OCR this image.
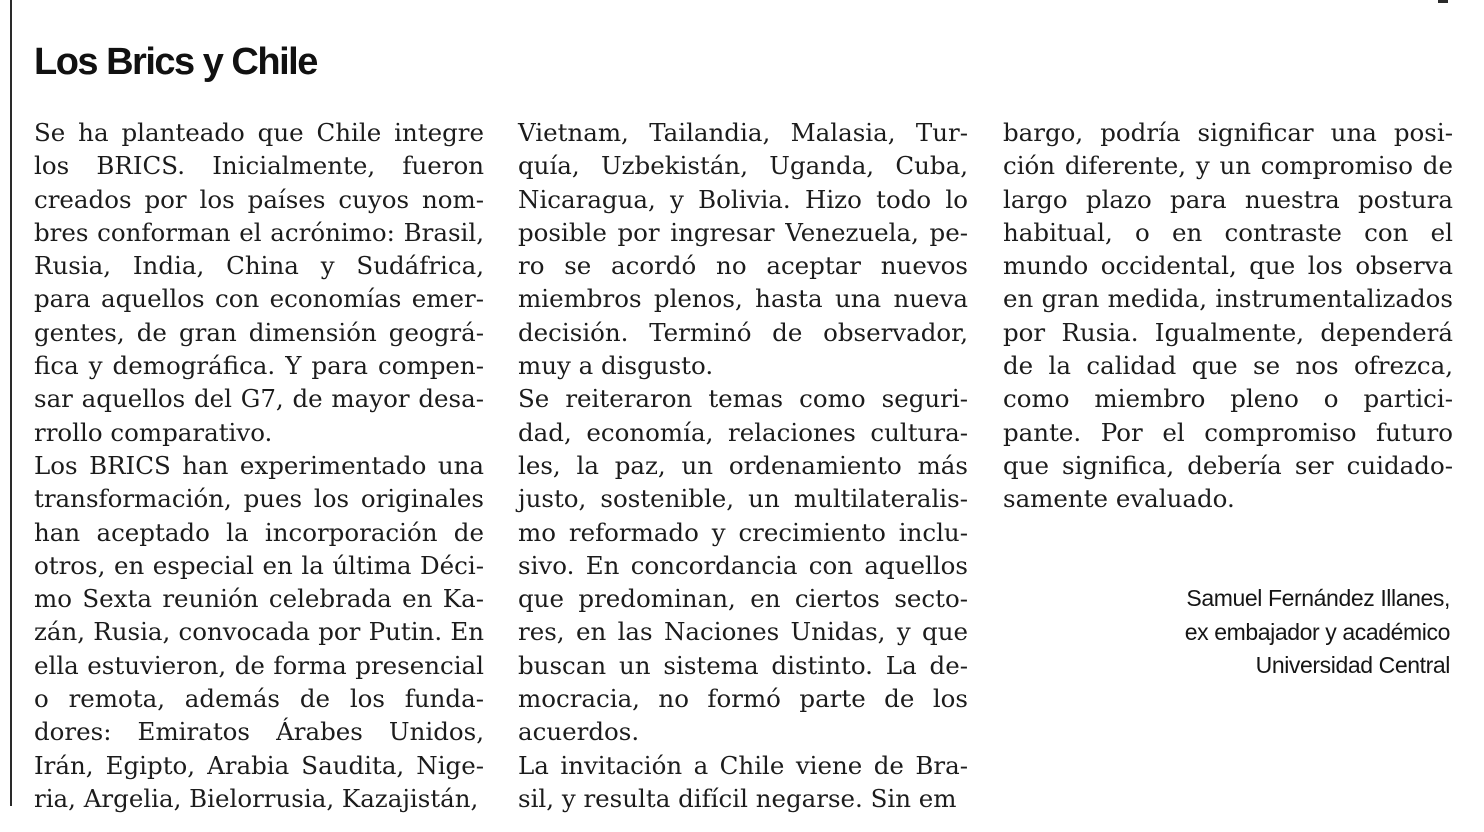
Los Brics y Chile

Se ha planteado que Chile integre los BRICS. Inicialmente, fueron creados por los países cuyos nombres conforman el acrónimo: Brasil, Rusia, India, China y Sudáfrica, para aquellos con economías emergentes, de gran dimensión geográfica y demográfica. Y para compensar aquellos del G7, de mayor desarrollo comparativo.

Los BRICS han experimentado una transformación, pues los originales han aceptado la incorporación de otros, en especial en la última Décimo Sexta reunión celebrada en Kazán, Rusia, convocada por Putin. En ella estuvieron, de forma presencial o remota, además de los fundadores: Emiratos Árabes Unidos, Irán, Egipto, Arabia Saudita, Nigeria, Argelia, Bielorrusia, Kazajistán,

Vietnam, Tailandia, Malasia, Turquía, Uzbekistán, Uganda, Cuba, Nicaragua, y Bolivia. Hizo todo lo posible por ingresar Venezuela, pero se acordó no aceptar nuevos miembros plenos, hasta una nueva decisión. Terminó de observador, muy a disgusto.

Se reiteraron temas como seguridad, economía, relaciones culturales, la paz, un ordenamiento más justo, sostenible, un multilateralismo reformado y crecimiento inclusivo. En concordancia con aquellos que predominan, en ciertos sectores, en las Naciones Unidas, y que buscan un sistema distinto. La democracia, no formó parte de los acuerdos.

La invitación a Chile viene de Brasil, y resulta difícil negarse. Sin em

bargo, podría significar una posición diferente, y un compromiso de largo plazo para nuestra postura habitual, o en contraste con el mundo occidental, que los observa en gran medida, instrumentalizados por Rusia. Igualmente, dependerá de la calidad que se nos ofrezca, como miembro pleno o participante. Por el compromiso futuro que significa, debería ser cuidadosamente evaluado.

Samuel Fernández Illanes,
ex embajador y académico
Universidad Central
